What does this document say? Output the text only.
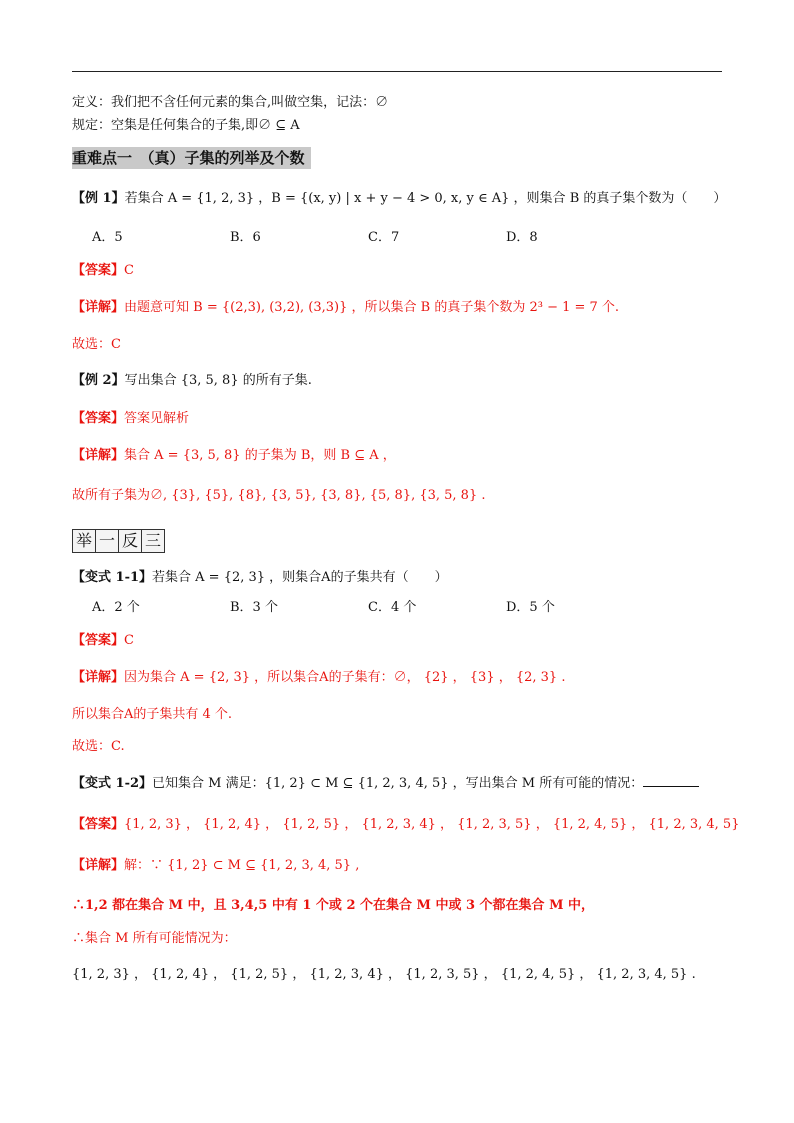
定义：我们把不含任何元素的集合,叫做空集，记法：∅
规定：空集是任何集合的子集,即∅ ⊆ A
重难点一　（真）子集的列举及个数
【例 1】若集合 A = {1, 2, 3} ，B = {(x, y) | x + y − 4 > 0, x, y ∈ A} ，则集合 B 的真子集个数为（　　）
A．5	B．6	C．7	D．8
【答案】C
【详解】由题意可知 B = {(2,3), (3,2), (3,3)} ，所以集合 B 的真子集个数为 2³ − 1 = 7 个.
故选：C
【例 2】写出集合 {3, 5, 8} 的所有子集.
【答案】答案见解析
【详解】集合 A = {3, 5, 8} 的子集为 B，则 B ⊆ A ，
故所有子集为∅, {3}, {5}, {8}, {3, 5}, {3, 8}, {5, 8}, {3, 5, 8} .
举 一 反 三
【变式 1-1】若集合 A = {2, 3} ，则集合A的子集共有（　　）
A．2 个	B．3 个	C．4 个	D．5 个
【答案】C
【详解】因为集合 A = {2, 3} ，所以集合A的子集有：∅， {2} ， {3} ， {2, 3} .
所以集合A的子集共有 4 个.
故选：C.
【变式 1-2】已知集合 M 满足：{1, 2} ⊂ M ⊆ {1, 2, 3, 4, 5} ，写出集合 M 所有可能的情况：
【答案】{1, 2, 3} ， {1, 2, 4} ， {1, 2, 5} ， {1, 2, 3, 4} ， {1, 2, 3, 5} ， {1, 2, 4, 5} ， {1, 2, 3, 4, 5}
【详解】解：∵ {1, 2} ⊂ M ⊆ {1, 2, 3, 4, 5} ,
∴1,2 都在集合 M 中，且 3,4,5 中有 1 个或 2 个在集合 M 中或 3 个都在集合 M 中，
∴集合 M 所有可能情况为：
{1, 2, 3} ， {1, 2, 4} ， {1, 2, 5} ， {1, 2, 3, 4} ， {1, 2, 3, 5} ， {1, 2, 4, 5} ， {1, 2, 3, 4, 5} .
